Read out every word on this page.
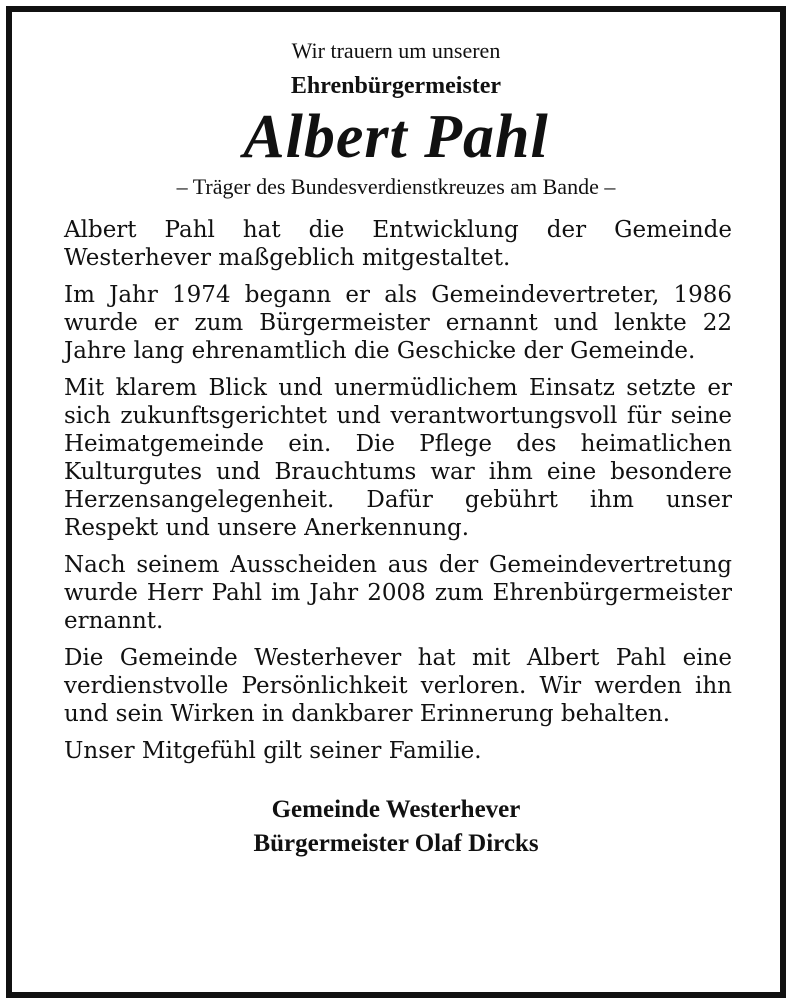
Wir trauern um unseren
Ehrenbürgermeister
Albert Pahl
– Träger des Bundesverdienstkreuzes am Bande –

Albert Pahl hat die Entwicklung der Gemeinde Westerhever maßgeblich mitgestaltet.

Im Jahr 1974 begann er als Gemeindevertreter, 1986 wurde er zum Bürgermeister ernannt und lenkte 22 Jahre lang ehrenamtlich die Geschicke der Gemeinde.

Mit klarem Blick und unermüdlichem Einsatz setzte er sich zukunftsgerichtet und verantwortungsvoll für seine Heimatgemeinde ein. Die Pflege des heimatlichen Kulturgutes und Brauchtums war ihm eine besondere Herzensangelegenheit. Dafür gebührt ihm unser Respekt und unsere Anerkennung.

Nach seinem Ausscheiden aus der Gemeindevertretung wurde Herr Pahl im Jahr 2008 zum Ehrenbürgermeister ernannt.

Die Gemeinde Westerhever hat mit Albert Pahl eine verdienstvolle Persönlichkeit verloren. Wir werden ihn und sein Wirken in dankbarer Erinnerung behalten.

Unser Mitgefühl gilt seiner Familie.

Gemeinde Westerhever
Bürgermeister Olaf Dircks
